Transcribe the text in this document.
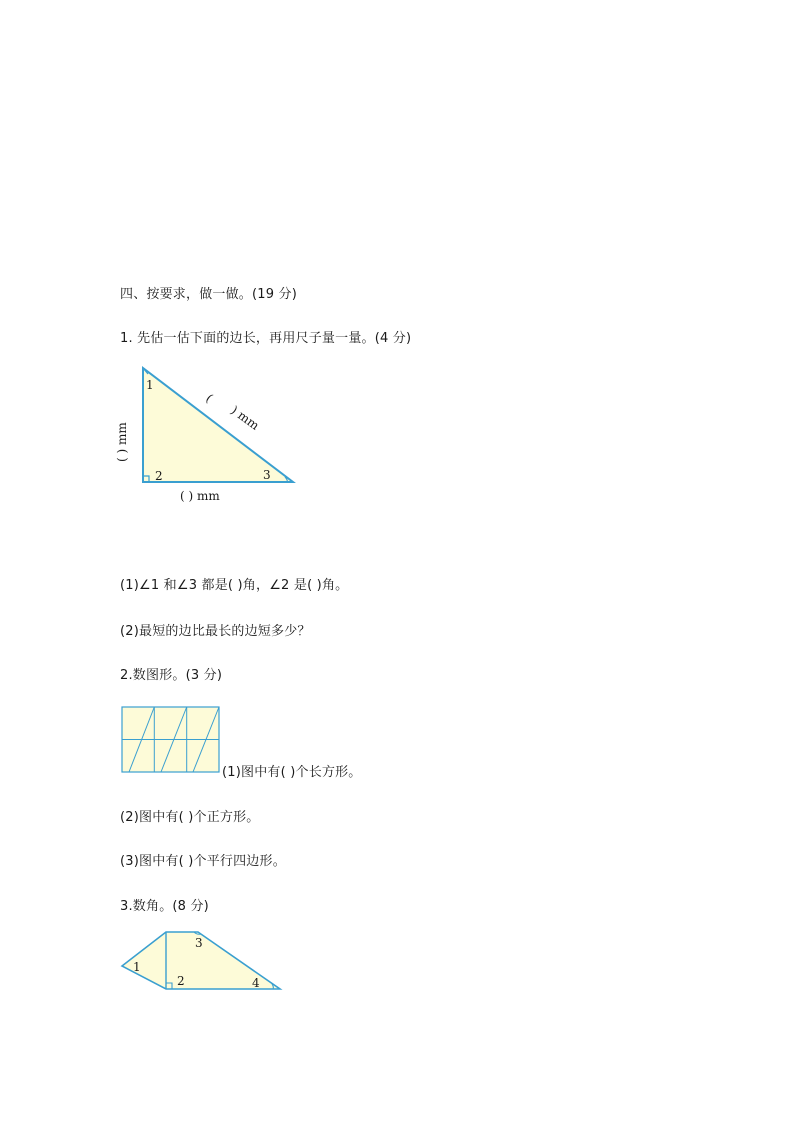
四、按要求，做一做。(19 分)
1. 先估一估下面的边长，再用尺子量一量。(4 分)
1
2	3
(
) mm
( ) mm
( ) mm
(1)∠1 和∠3 都是( )角，∠2 是( )角。
(2)最短的边比最长的边短多少？
2.数图形。(3 分)
(1)图中有( )个长方形。
(2)图中有( )个正方形。
(3)图中有( )个平行四边形。
3.数角。(8 分)
1
2
3
4
